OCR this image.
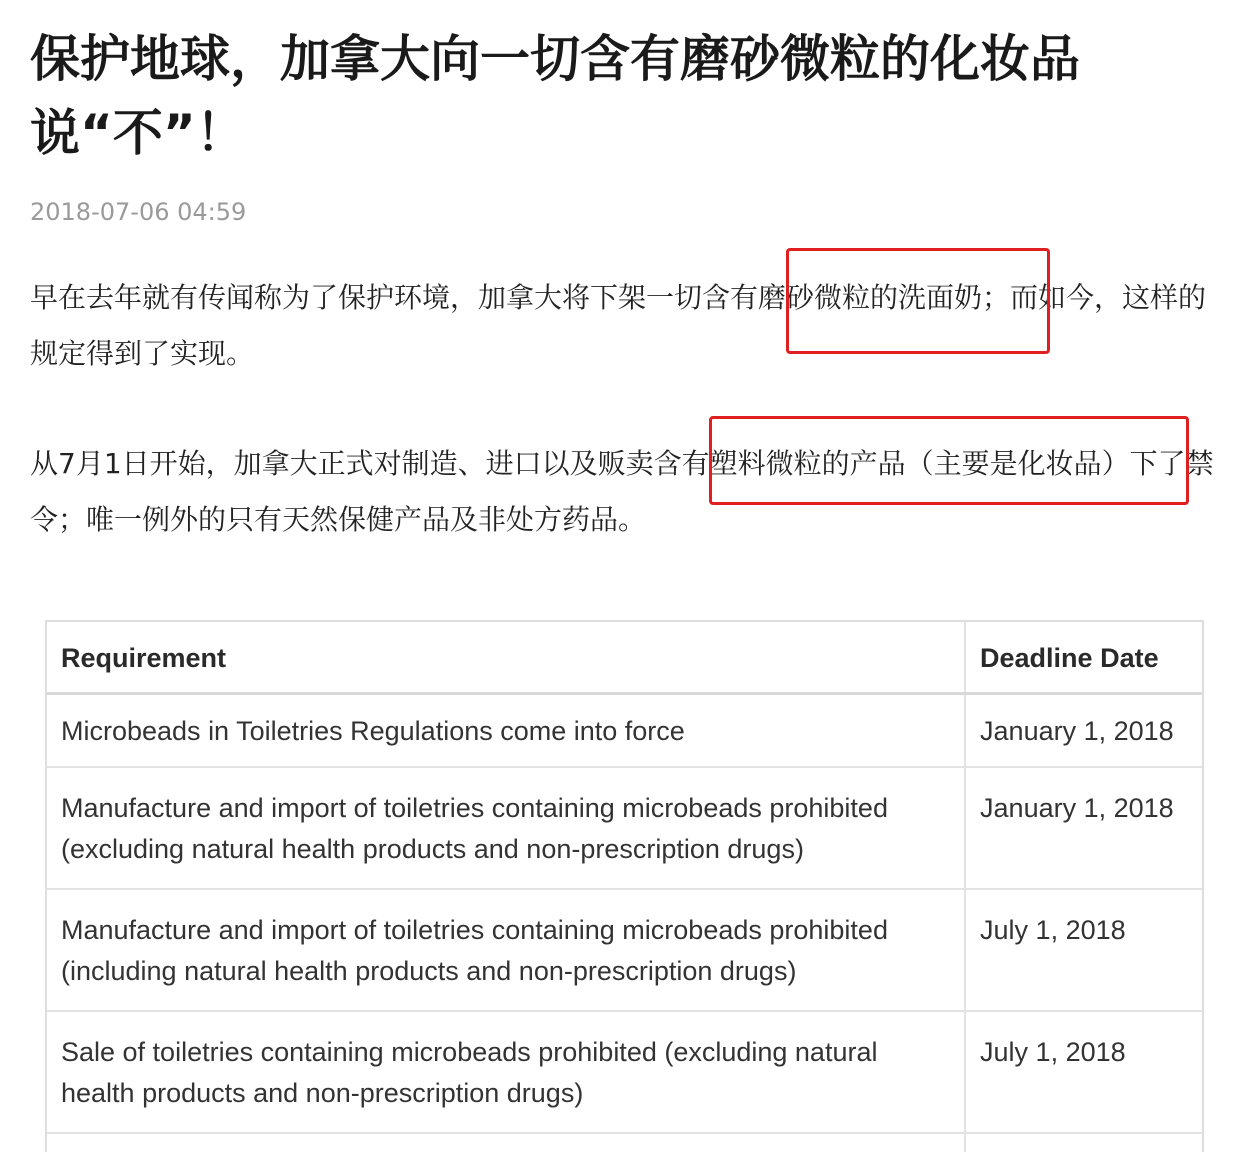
保护地球，加拿大向一切含有磨砂微粒的化妆品说“不”！
2018-07-06 04:59

早在去年就有传闻称为了保护环境，加拿大将下架一切含有磨砂微粒的洗面奶；而如今，这样的规定得到了实现。

从7月1日开始，加拿大正式对制造、进口以及贩卖含有塑料微粒的产品（主要是化妆品）下了禁令；唯一例外的只有天然保健产品及非处方药品。

Requirement	Deadline Date
Microbeads in Toiletries Regulations come into force	January 1, 2018
Manufacture and import of toiletries containing microbeads prohibited (excluding natural health products and non-prescription drugs)	January 1, 2018
Manufacture and import of toiletries containing microbeads prohibited (including natural health products and non-prescription drugs)	July 1, 2018
Sale of toiletries containing microbeads prohibited (excluding natural health products and non-prescription drugs)	July 1, 2018
